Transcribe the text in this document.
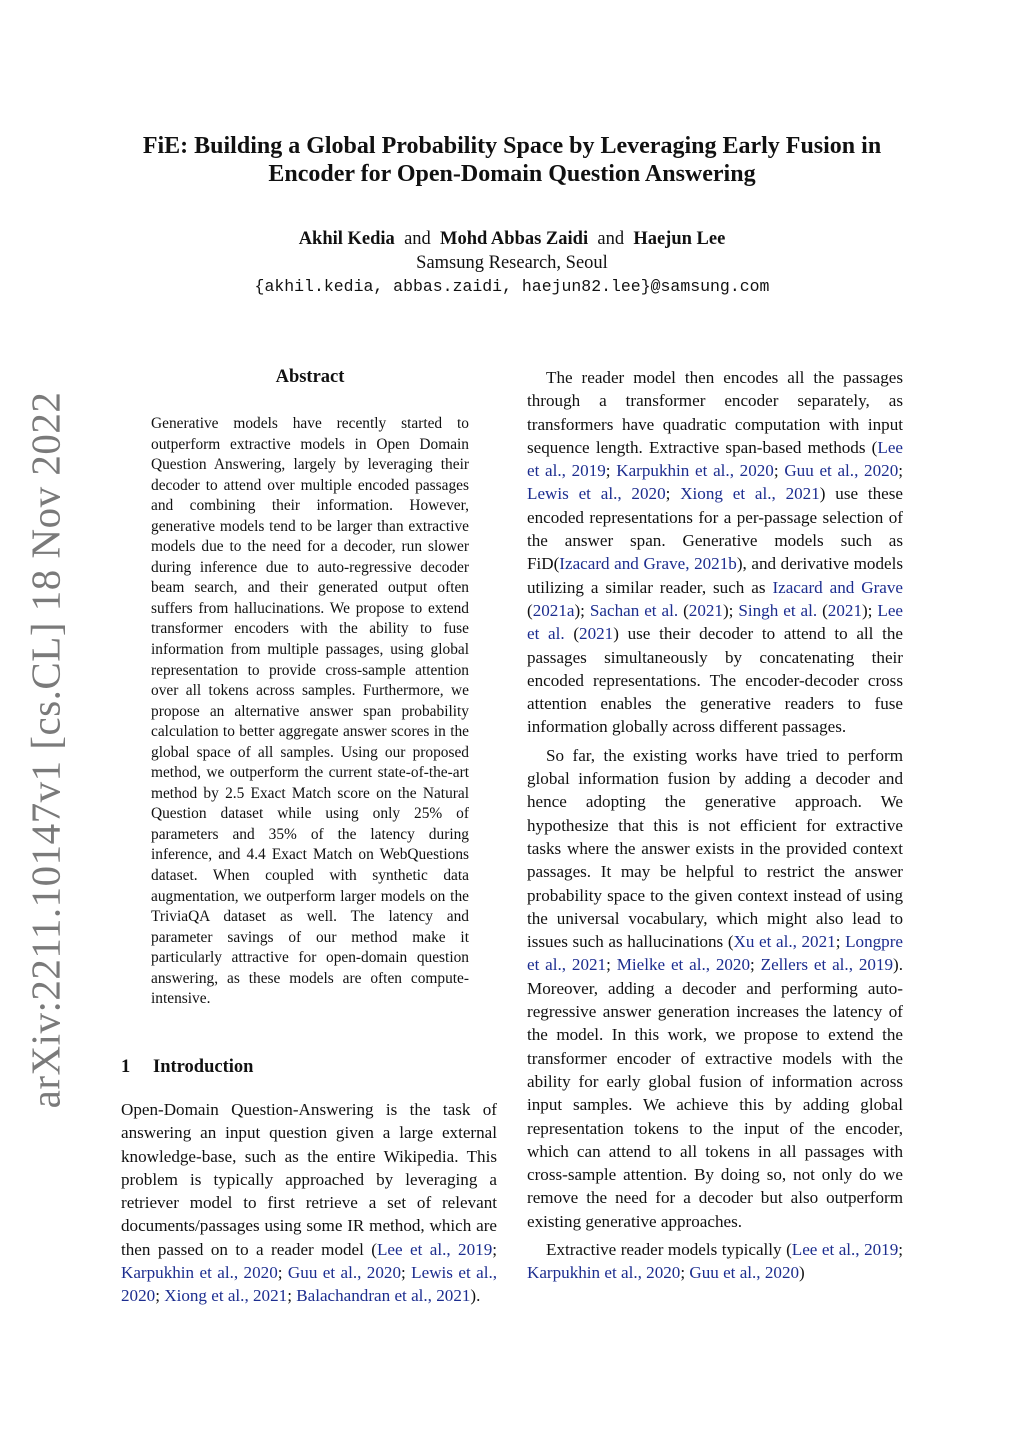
arXiv:2211.10147v1 [cs.CL] 18 Nov 2022
FiE: Building a Global Probability Space by Leveraging Early Fusion in
Encoder for Open-Domain Question Answering
Akhil Kedia and Mohd Abbas Zaidi and Haejun Lee
Samsung Research, Seoul
{akhil.kedia, abbas.zaidi, haejun82.lee}@samsung.com
Abstract
Generative models have recently started to outperform extractive models in Open Domain Question Answering, largely by leveraging their decoder to attend over multiple encoded passages and combining their information. However, generative models tend to be larger than extractive models due to the need for a decoder, run slower during inference due to auto-regressive decoder beam search, and their generated output often suffers from hallucinations. We propose to extend transformer encoders with the ability to fuse information from multiple passages, using global representation to provide cross-sample attention over all tokens across samples. Furthermore, we propose an alternative answer span probability calculation to better aggregate answer scores in the global space of all samples. Using our proposed method, we outperform the current state-of-the-art method by 2.5 Exact Match score on the Natural Question dataset while using only 25% of parameters and 35% of the latency during inference, and 4.4 Exact Match on WebQuestions dataset. When coupled with synthetic data augmentation, we outperform larger models on the TriviaQA dataset as well. The latency and parameter savings of our method make it particularly attractive for open-domain question answering, as these models are often compute-intensive.
1 Introduction

Open-Domain Question-Answering is the task of answering an input question given a large external knowledge-base, such as the entire Wikipedia. This problem is typically approached by leveraging a retriever model to first retrieve a set of relevant documents/passages using some IR method, which are then passed on to a reader model (Lee et al., 2019; Karpukhin et al., 2020; Guu et al., 2020; Lewis et al., 2020; Xiong et al., 2021; Balachandran et al., 2021).

The reader model then encodes all the passages through a transformer encoder separately, as transformers have quadratic computation with input sequence length. Extractive span-based methods (Lee et al., 2019; Karpukhin et al., 2020; Guu et al., 2020; Lewis et al., 2020; Xiong et al., 2021) use these encoded representations for a per-passage selection of the answer span. Generative models such as FiD(Izacard and Grave, 2021b), and derivative models utilizing a similar reader, such as Izacard and Grave (2021a); Sachan et al. (2021); Singh et al. (2021); Lee et al. (2021) use their decoder to attend to all the passages simultaneously by concatenating their encoded representations. The encoder-decoder cross attention enables the generative readers to fuse information globally across different passages.

So far, the existing works have tried to perform global information fusion by adding a decoder and hence adopting the generative approach. We hypothesize that this is not efficient for extractive tasks where the answer exists in the provided context passages. It may be helpful to restrict the answer probability space to the given context instead of using the universal vocabulary, which might also lead to issues such as hallucinations (Xu et al., 2021; Longpre et al., 2021; Mielke et al., 2020; Zellers et al., 2019). Moreover, adding a decoder and performing auto-regressive answer generation increases the latency of the model. In this work, we propose to extend the transformer encoder of extractive models with the ability for early global fusion of information across input samples. We achieve this by adding global representation tokens to the input of the encoder, which can attend to all tokens in all passages with cross-sample attention. By doing so, not only do we remove the need for a decoder but also outperform existing generative approaches.

Extractive reader models typically (Lee et al., 2019; Karpukhin et al., 2020; Guu et al., 2020)
